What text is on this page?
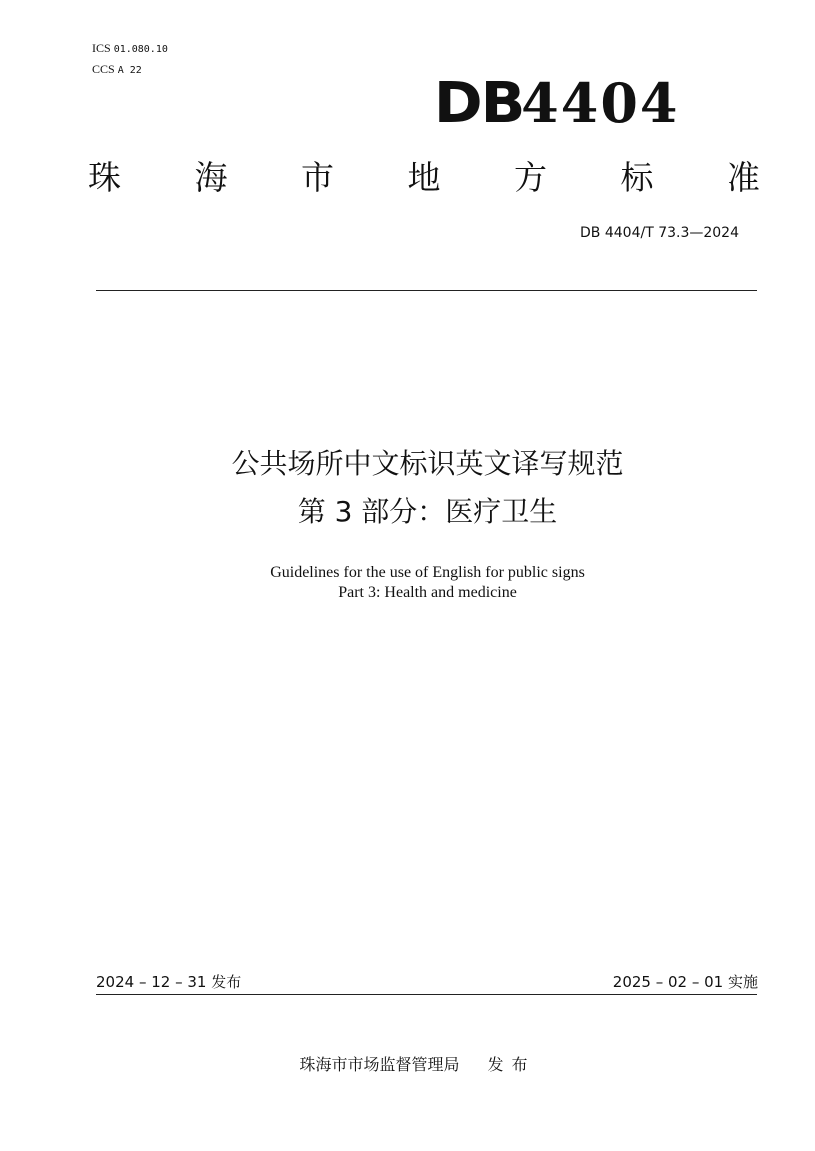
ICS 01.080.10
CCS A 22
DB4404
珠 海 市 地 方 标 准
DB 4404/T 73.3—2024
公共场所中文标识英文译写规范
第 3 部分：医疗卫生
Guidelines for the use of English for public signs
Part 3: Health and medicine
2024 – 12 – 31 发布	2025 – 02 – 01 实施
珠海市市场监督管理局 发布
